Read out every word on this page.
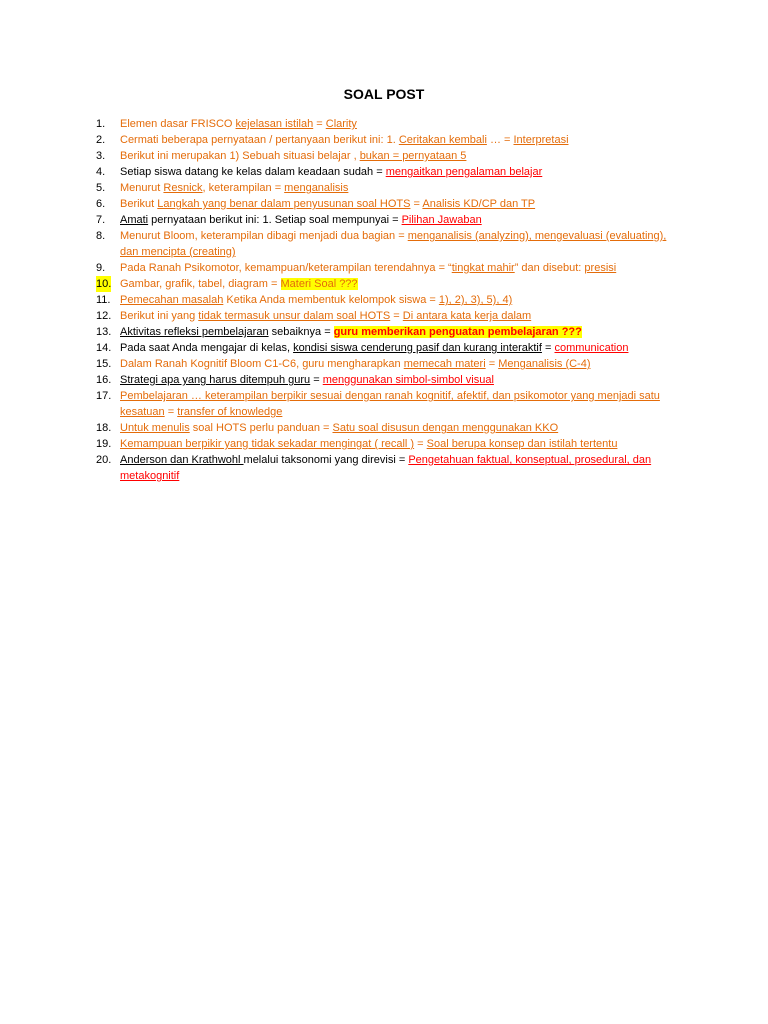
SOAL POST
1. Elemen dasar FRISCO kejelasan istilah = Clarity
2. Cermati beberapa pernyataan / pertanyaan berikut ini: 1. Ceritakan kembali … = Interpretasi
3. Berikut ini merupakan 1) Sebuah situasi belajar , bukan = pernyataan 5
4. Setiap siswa datang ke kelas dalam keadaan sudah = mengaitkan pengalaman belajar
5. Menurut Resnick, keterampilan = menganalisis
6. Berikut Langkah yang benar dalam penyusunan soal HOTS = Analisis KD/CP dan TP
7. Amati pernyataan berikut ini: 1. Setiap soal mempunyai = Pilihan Jawaban
8. Menurut Bloom, keterampilan dibagi menjadi dua bagian = menganalisis (analyzing), mengevaluasi (evaluating), dan mencipta (creating)
9. Pada Ranah Psikomotor, kemampuan/keterampilan terendahnya = “tingkat mahir” dan disebut: presisi
10. Gambar, grafik, tabel, diagram = Materi Soal ???
11. Pemecahan masalah Ketika Anda membentuk kelompok siswa = 1), 2), 3), 5), 4)
12. Berikut ini yang tidak termasuk unsur dalam soal HOTS = Di antara kata kerja dalam
13. Aktivitas refleksi pembelajaran sebaiknya = guru memberikan penguatan pembelajaran ???
14. Pada saat Anda mengajar di kelas, kondisi siswa cenderung pasif dan kurang interaktif = communication
15. Dalam Ranah Kognitif Bloom C1-C6, guru mengharapkan memecah materi = Menganalisis (C-4)
16. Strategi apa yang harus ditempuh guru = menggunakan simbol-simbol visual
17. Pembelajaran … keterampilan berpikir sesuai dengan ranah kognitif, afektif, dan psikomotor yang menjadi satu kesatuan = transfer of knowledge
18. Untuk menulis soal HOTS perlu panduan = Satu soal disusun dengan menggunakan KKO
19. Kemampuan berpikir yang tidak sekadar mengingat ( recall ) = Soal berupa konsep dan istilah tertentu
20. Anderson dan Krathwohl melalui taksonomi yang direvisi = Pengetahuan faktual, konseptual, prosedural, dan metakognitif
